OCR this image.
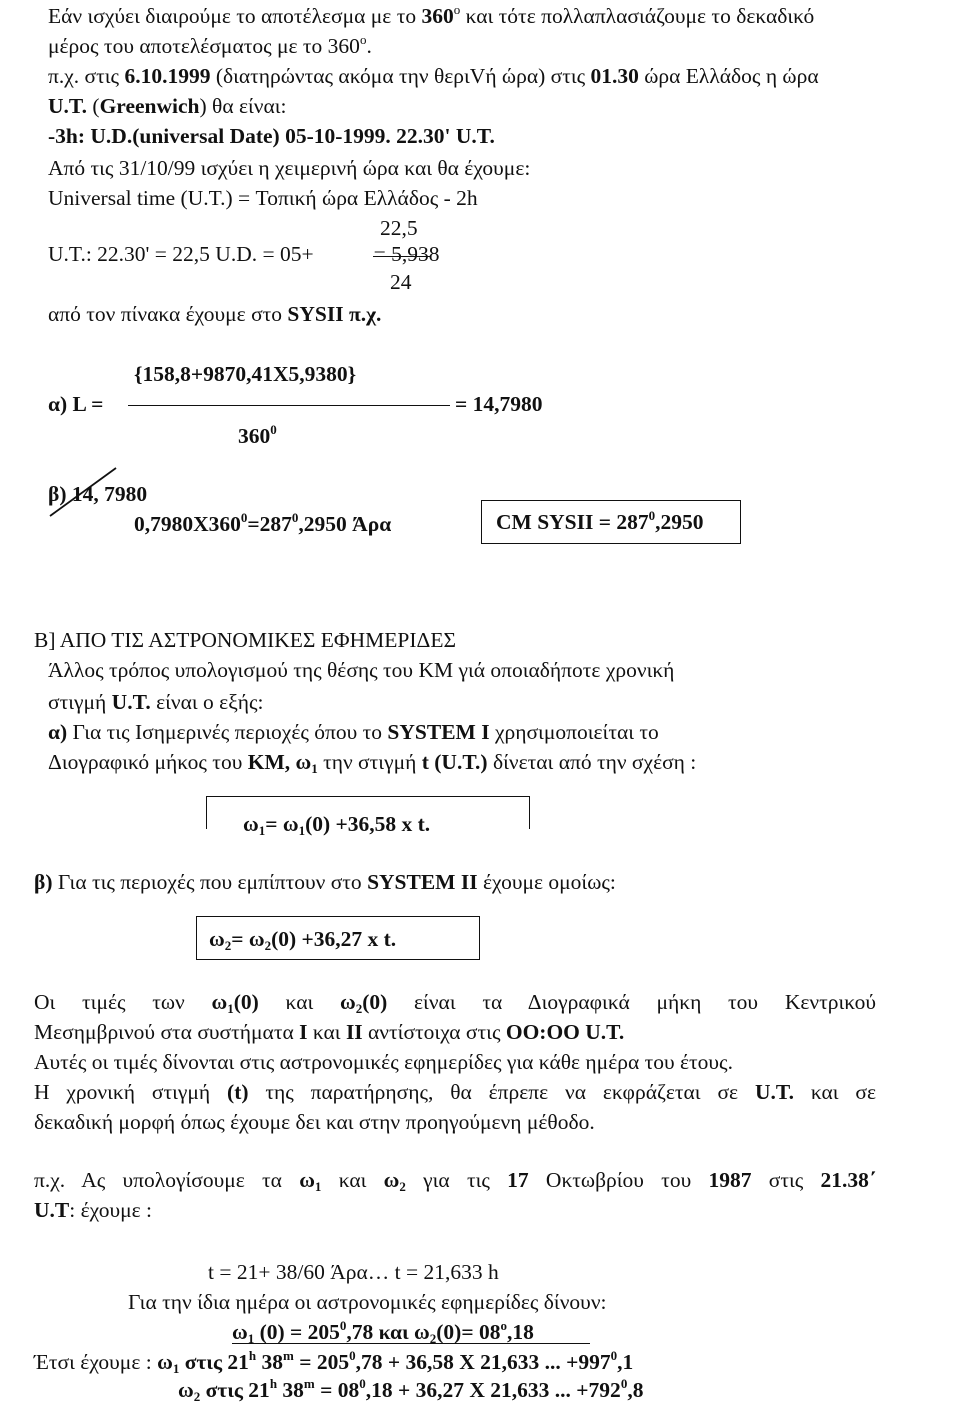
Εάν ισχύει διαιρούμε το αποτέλεσμα με το $360^o$ και τότε πολλαπλασιάζουμε το δεκαδικό
μέρος του αποτελέσματος με το $360^o$.
π.χ. στις 6.10.1999 (διατηρώντας ακόμα την θεριVή ώρα) στις 01.30 ώρα Ελλάδος η ώρα
U.T. (Greenwich) θα είναι:
-3h: U.D.(universal Date) 05-10-1999. 22.30' U.T.
Από τις 31/10/99 ισχύει η χειμερινή ώρα και θα έχουμε:
Universal time (U.T.) = Τοπική ώρα Ελλάδος - 2h
22,5
U.T.: 22.30' = 22,5 U.D. = 05+	= 5,938
24
από τον πίνακα έχουμε στο SYSII π.χ.
{158,8+9870,41X5,9380}
α) L =	= 14,7980
$360^0$
β) 14, 7980
$0,7980X360^0=287^0,2950$ Άρα	CM SYSII = $287^0,2950$
Β] ΑΠΟ ΤΙΣ ΑΣΤΡΟΝΟΜΙΚΕΣ ΕΦΗΜΕΡΙΔΕΣ
Άλλος τρόπος υπολογισμού της θέσης του ΚΜ γιά οποιαδήποτε χρονική
στιγμή U.T. είναι ο εξής:
α) Για τις Ισημερινές περιοχές όπου το SYSTEM I χρησιμοποιείται το
Διογραφικό μήκος του ΚΜ, $\omega_1$ την στιγμή t (U.T.) δίνεται από την σχέση :
$\omega_1= \omega_1(0) +36,58$ x t.
β) Για τις περιοχές που εμπίπτουν στο SYSTEM II έχουμε ομοίως:
$\omega_2= \omega_2(0) +36,27$ x t.
Οι τιμές των $\omega_1(0)$ και $\omega_2(0)$ είναι τα Διογραφικά μήκη του Κεντρικού
Μεσημβρινού στα συστήματα Ι και ΙΙ αντίστοιχα στις ΟΟ:ΟΟ U.T.
Αυτές οι τιμές δίνονται στις αστρονομικές εφημερίδες για κάθε ημέρα του έτους.
Η χρονική στιγμή (t) της παρατήρησης, θα έπρεπε να εκφράζεται σε U.T. και σε
δεκαδική μορφή όπως έχουμε δει και στην προηγούμενη μέθοδο.
π.χ. Ας υπολογίσουμε τα $\omega_1$ και $\omega_2$ για τις 17 Οκτωβρίου του 1987 στις 21.38΄
U.T: έχουμε :
t = 21+ 38/60 Άρα… t = 21,633 h
Για την ίδια ημέρα οι αστρονομικές εφημερίδες δίνουν:
$\omega_1$ $(0) = 205^0,78$ και $\omega_2(0)= 08^o,18$
Έτσι έχουμε : $\omega_1$ στις 21$^h$ $38^m = 205^0,78 + 36,58$ X 21,633 ... $+997^0,1$
$\omega_2$ στις 21$^h$ $38^m = 08^0,18 + 36,27$ X 21,633 ... $+792^0,8$
